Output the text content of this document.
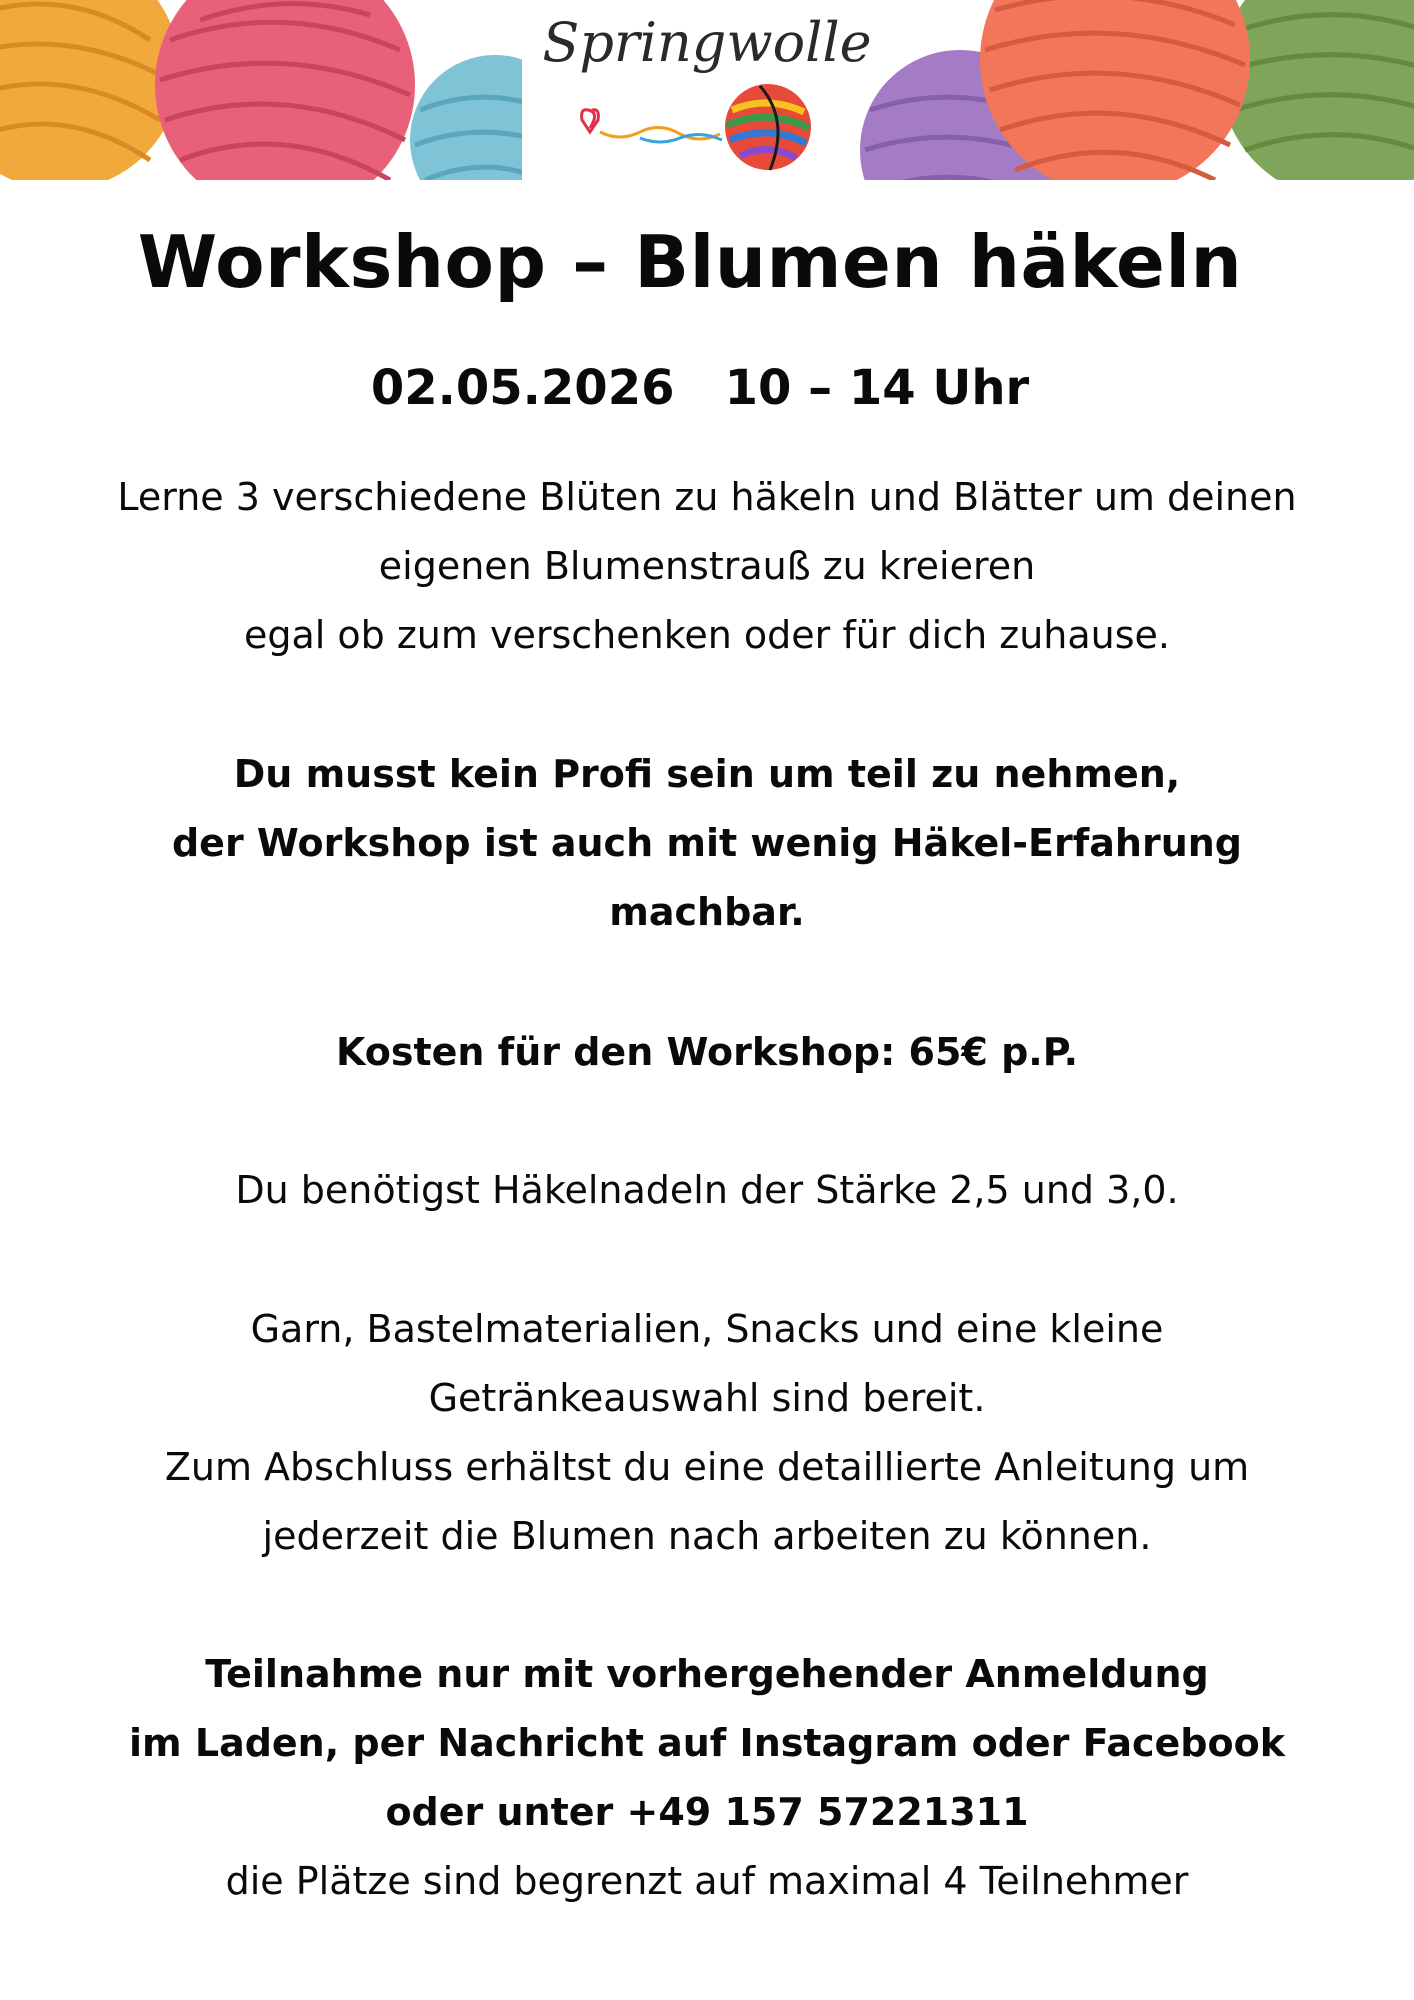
Springwolle
Workshop – Blumen häkeln
02.05.2026   10 – 14 Uhr
Lerne 3 verschiedene Blüten zu häkeln und Blätter um deinen
eigenen Blumenstrauß zu kreieren
egal ob zum verschenken oder für dich zuhause.
Du musst kein Profi sein um teil zu nehmen,
der Workshop ist auch mit wenig Häkel-Erfahrung
machbar.
Kosten für den Workshop: 65€ p.P.
Du benötigst Häkelnadeln der Stärke 2,5 und 3,0.
Garn, Bastelmaterialien, Snacks und eine kleine
Getränkeauswahl sind bereit.
Zum Abschluss erhältst du eine detaillierte Anleitung um
jederzeit die Blumen nach arbeiten zu können.
Teilnahme nur mit vorhergehender Anmeldung
im Laden, per Nachricht auf Instagram oder Facebook
oder unter +49 157 57221311
die Plätze sind begrenzt auf maximal 4 Teilnehmer
